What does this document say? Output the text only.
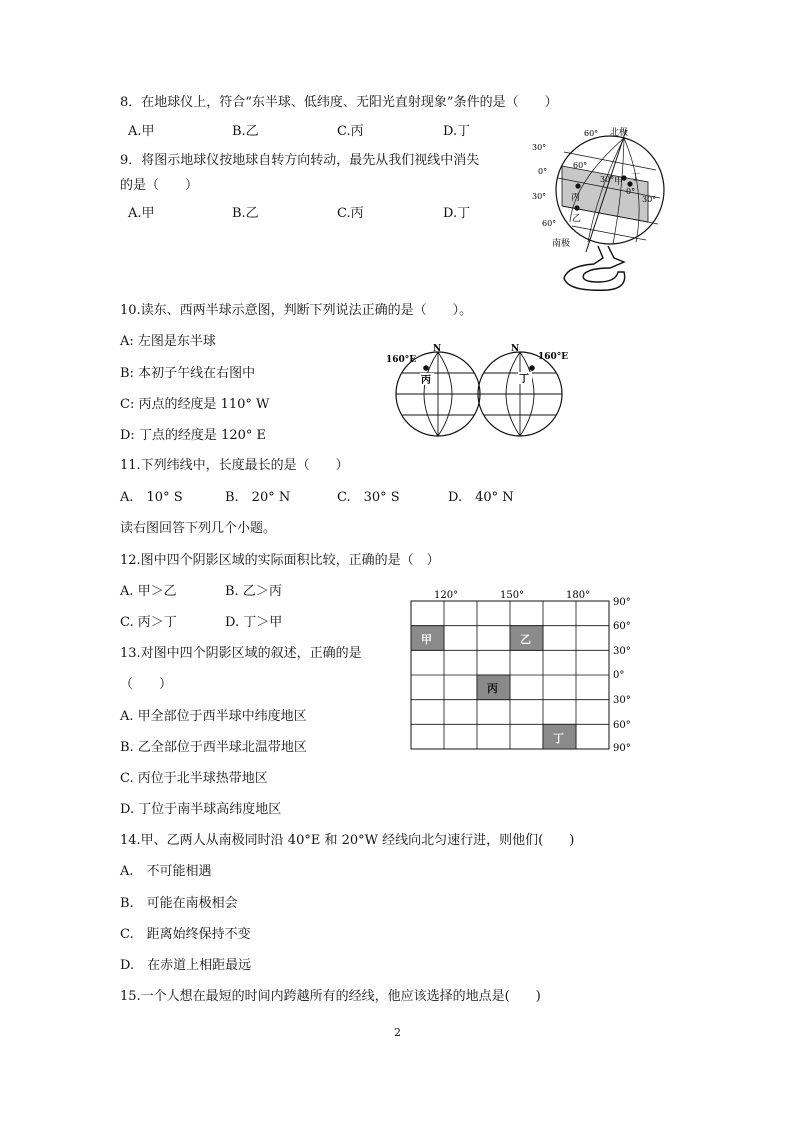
8．在地球仪上，符合“东半球、低纬度、无阳光直射现象”条件的是（　　）
A.甲	B.乙	C.丙	D.丁
9．将图示地球仪按地球自转方向转动，最先从我们视线中消失
的是（　　）
A.甲	B.乙	C.丙	D.丁
北极
南极
60°
30°
0°
30°
60°
60°
30°
0°
30°
甲
丙
乙
丁
10.读东、西两半球示意图，判断下列说法正确的是（　　）。
A: 左图是东半球
B: 本初子午线在右图中
C: 丙点的经度是 110° W
D: 丁点的经度是 120° E
160°E	160°E
N	N
丙	丁
11.下列纬线中，长度最长的是（　　）
A.　10° S	B.　20° N	C.　30° S	D.　40° N
读右图回答下列几个小题。
12.图中四个阴影区域的实际面积比较，正确的是（　）
A. 甲＞乙	B. 乙＞丙
C. 丙＞丁	D. 丁＞甲
甲	乙
丙
丁
120°	150°	180°
90°
60°
30°
0°
30°
60°
90°
13.对图中四个阴影区域的叙述，正确的是
（　　）
A. 甲全部位于西半球中纬度地区
B. 乙全部位于西半球北温带地区
C. 丙位于北半球热带地区
D. 丁位于南半球高纬度地区
14.甲、乙两人从南极同时沿 40°E 和 20°W 经线向北匀速行进，则他们(　　)
A.　不可能相遇
B.　可能在南极相会
C.　距离始终保持不变
D.　在赤道上相距最远
15.一个人想在最短的时间内跨越所有的经线，他应该选择的地点是(　　)
2
